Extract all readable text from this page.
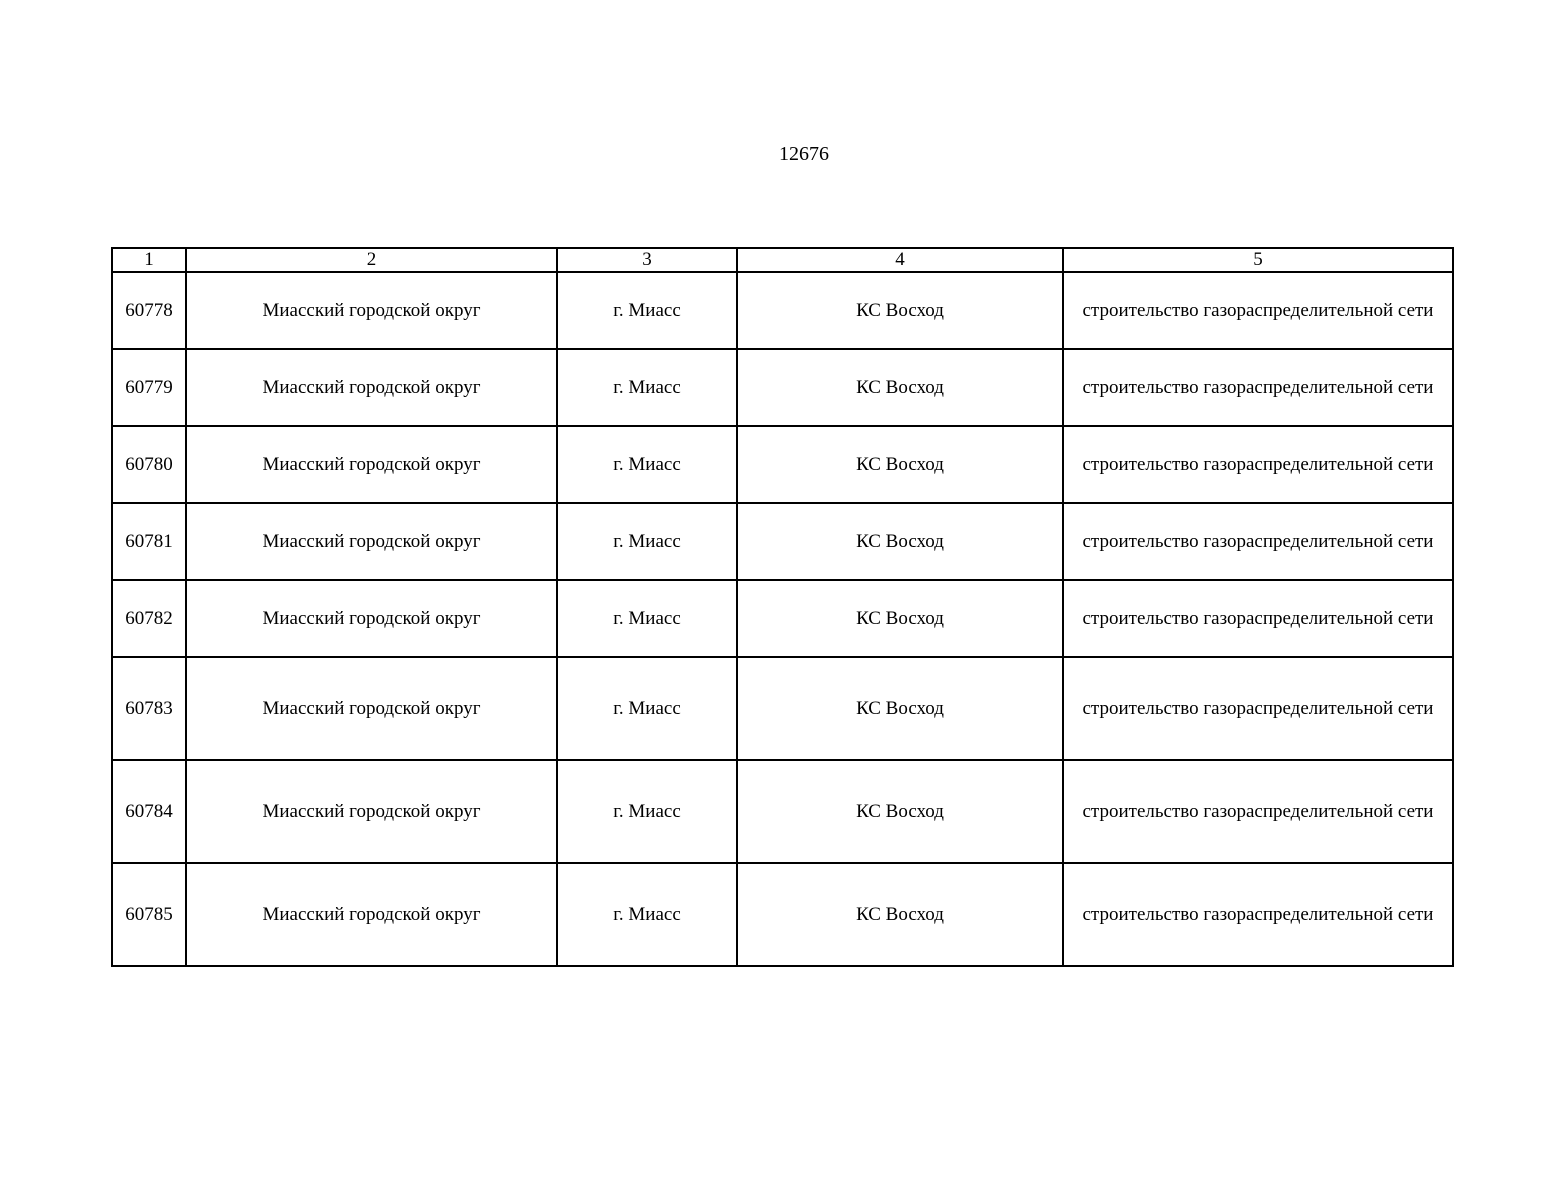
12676
1	2	3	4	5
60778	Миасский городской округ	г. Миасс	КС Восход	строительство газораспределительной сети
60779	Миасский городской округ	г. Миасс	КС Восход	строительство газораспределительной сети
60780	Миасский городской округ	г. Миасс	КС Восход	строительство газораспределительной сети
60781	Миасский городской округ	г. Миасс	КС Восход	строительство газораспределительной сети
60782	Миасский городской округ	г. Миасс	КС Восход	строительство газораспределительной сети
60783	Миасский городской округ	г. Миасс	КС Восход	строительство газораспределительной сети
60784	Миасский городской округ	г. Миасс	КС Восход	строительство газораспределительной сети
60785	Миасский городской округ	г. Миасс	КС Восход	строительство газораспределительной сети
